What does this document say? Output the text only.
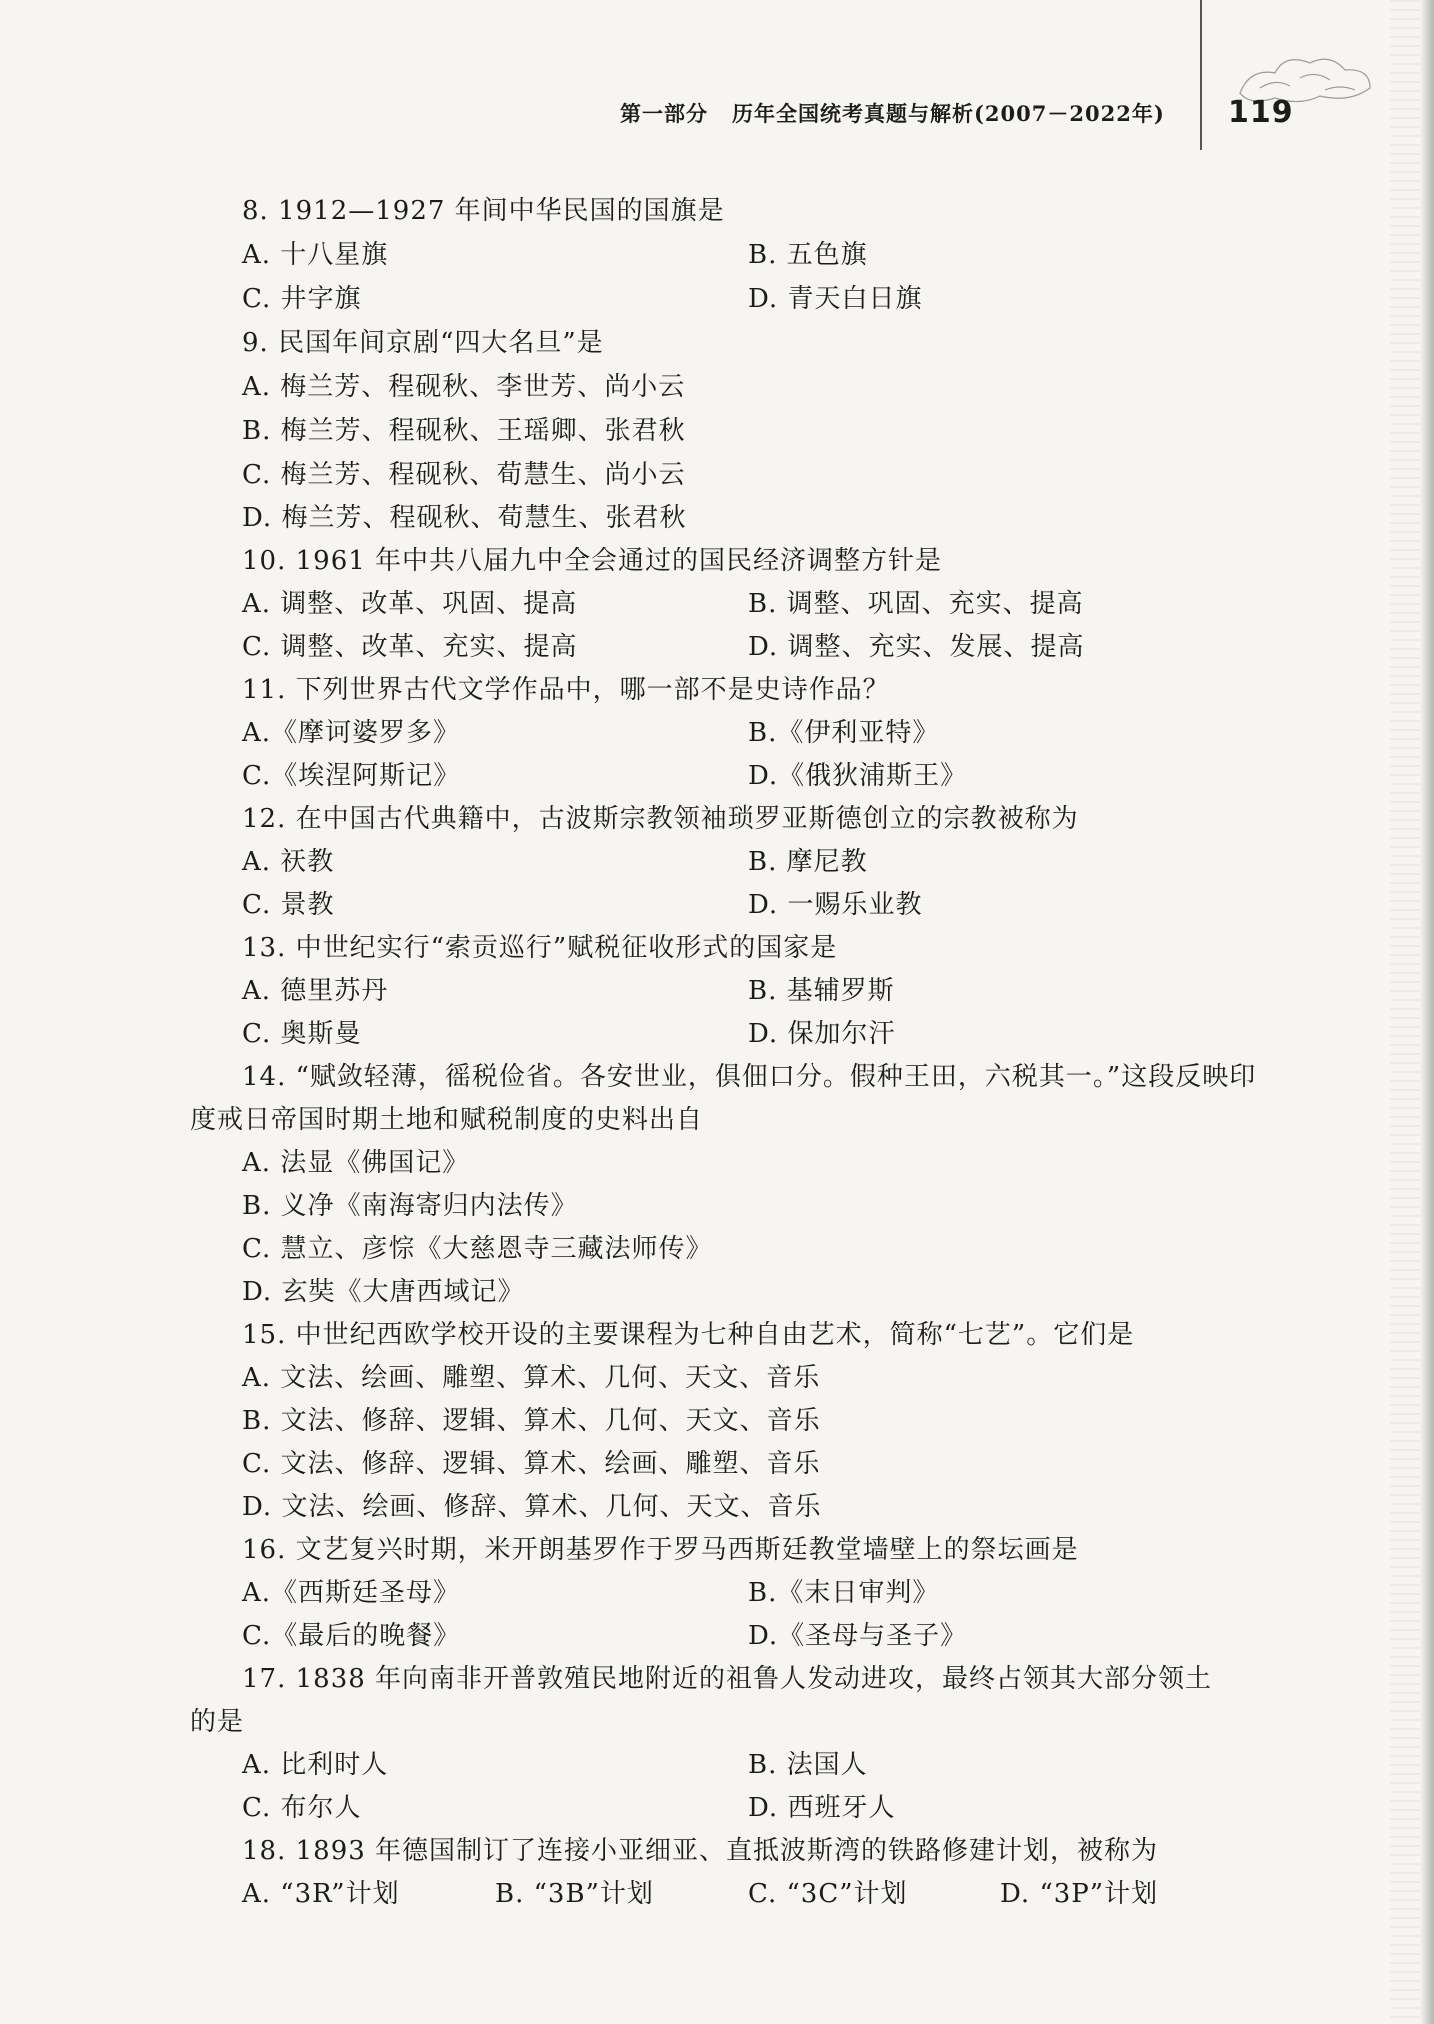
第一部分 历年全国统考真题与解析(2007－2022年) 119
8. 1912—1927 年间中华民国的国旗是
A. 十八星旗	B. 五色旗
C. 井字旗	D. 青天白日旗
9. 民国年间京剧“四大名旦”是
A. 梅兰芳、程砚秋、李世芳、尚小云
B. 梅兰芳、程砚秋、王瑶卿、张君秋
C. 梅兰芳、程砚秋、荀慧生、尚小云
D. 梅兰芳、程砚秋、荀慧生、张君秋
10. 1961 年中共八届九中全会通过的国民经济调整方针是
A. 调整、改革、巩固、提高	B. 调整、巩固、充实、提高
C. 调整、改革、充实、提高	D. 调整、充实、发展、提高
11. 下列世界古代文学作品中，哪一部不是史诗作品？
A.《摩诃婆罗多》	B.《伊利亚特》
C.《埃涅阿斯记》	D.《俄狄浦斯王》
12. 在中国古代典籍中，古波斯宗教领袖琐罗亚斯德创立的宗教被称为
A. 祆教	B. 摩尼教
C. 景教	D. 一赐乐业教
13. 中世纪实行“索贡巡行”赋税征收形式的国家是
A. 德里苏丹	B. 基辅罗斯
C. 奥斯曼	D. 保加尔汗
14. “赋敛轻薄，徭税俭省。各安世业，俱佃口分。假种王田，六税其一。”这段反映印
度戒日帝国时期土地和赋税制度的史料出自
A. 法显《佛国记》
B. 义净《南海寄归内法传》
C. 慧立、彦悰《大慈恩寺三藏法师传》
D. 玄奘《大唐西域记》
15. 中世纪西欧学校开设的主要课程为七种自由艺术，简称“七艺”。它们是
A. 文法、绘画、雕塑、算术、几何、天文、音乐
B. 文法、修辞、逻辑、算术、几何、天文、音乐
C. 文法、修辞、逻辑、算术、绘画、雕塑、音乐
D. 文法、绘画、修辞、算术、几何、天文、音乐
16. 文艺复兴时期，米开朗基罗作于罗马西斯廷教堂墙壁上的祭坛画是
A.《西斯廷圣母》	B.《末日审判》
C.《最后的晚餐》	D.《圣母与圣子》
17. 1838 年向南非开普敦殖民地附近的祖鲁人发动进攻，最终占领其大部分领土
的是
A. 比利时人	B. 法国人
C. 布尔人	D. 西班牙人
18. 1893 年德国制订了连接小亚细亚、直抵波斯湾的铁路修建计划，被称为
A. “3R”计划	B. “3B”计划	C. “3C”计划	D. “3P”计划
